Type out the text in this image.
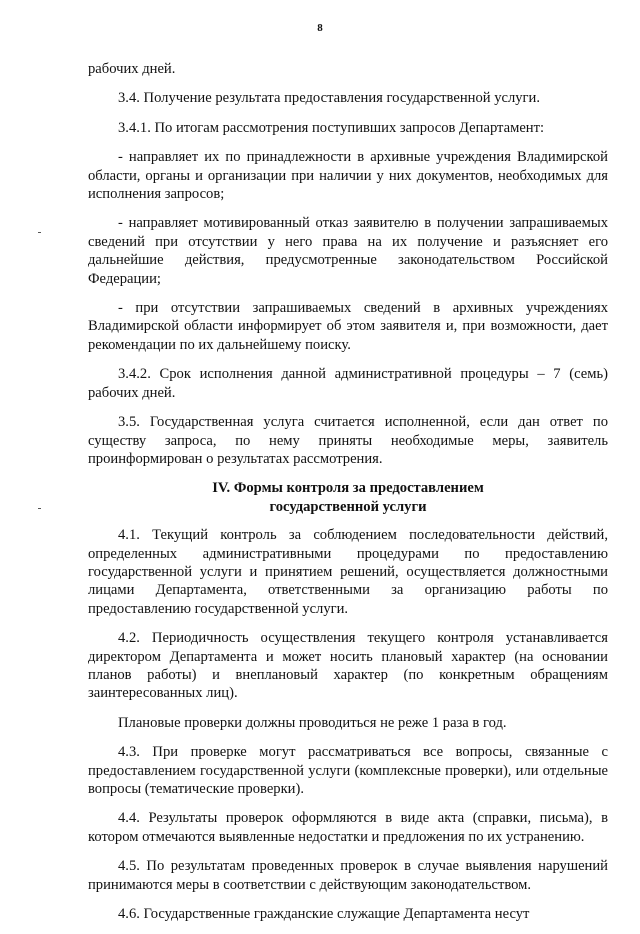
8

рабочих дней.

3.4. Получение результата предоставления государственной услуги.

3.4.1. По итогам рассмотрения поступивших запросов Департамент:

- направляет их по принадлежности в архивные учреждения Владимирской области, органы и организации при наличии у них документов, необходимых для исполнения запросов;

- направляет мотивированный отказ заявителю в получении запрашиваемых сведений при отсутствии у него права на их получение и разъясняет его дальнейшие действия, предусмотренные законодательством Российской Федерации;

- при отсутствии запрашиваемых сведений в архивных учреждениях Владимирской области информирует об этом заявителя и, при возможности, дает рекомендации по их дальнейшему поиску.

3.4.2. Срок исполнения данной административной процедуры – 7 (семь) рабочих дней.

3.5. Государственная услуга считается исполненной, если дан ответ по существу запроса, по нему приняты необходимые меры, заявитель проинформирован о результатах рассмотрения.

IV. Формы контроля за предоставлением
государственной услуги

4.1. Текущий контроль за соблюдением последовательности действий, определенных административными процедурами по предоставлению государственной услуги и принятием решений, осуществляется должностными лицами Департамента, ответственными за организацию работы по предоставлению государственной услуги.

4.2. Периодичность осуществления текущего контроля устанавливается директором Департамента и может носить плановый характер (на основании планов работы) и внеплановый характер (по конкретным обращениям заинтересованных лиц).

Плановые проверки должны проводиться не реже 1 раза в год.

4.3. При проверке могут рассматриваться все вопросы, связанные с предоставлением государственной услуги (комплексные проверки), или отдельные вопросы (тематические проверки).

4.4. Результаты проверок оформляются в виде акта (справки, письма), в котором отмечаются выявленные недостатки и предложения по их устранению.

4.5. По результатам проведенных проверок в случае выявления нарушений принимаются меры в соответствии с действующим законодательством.

4.6. Государственные гражданские служащие Департамента несут
